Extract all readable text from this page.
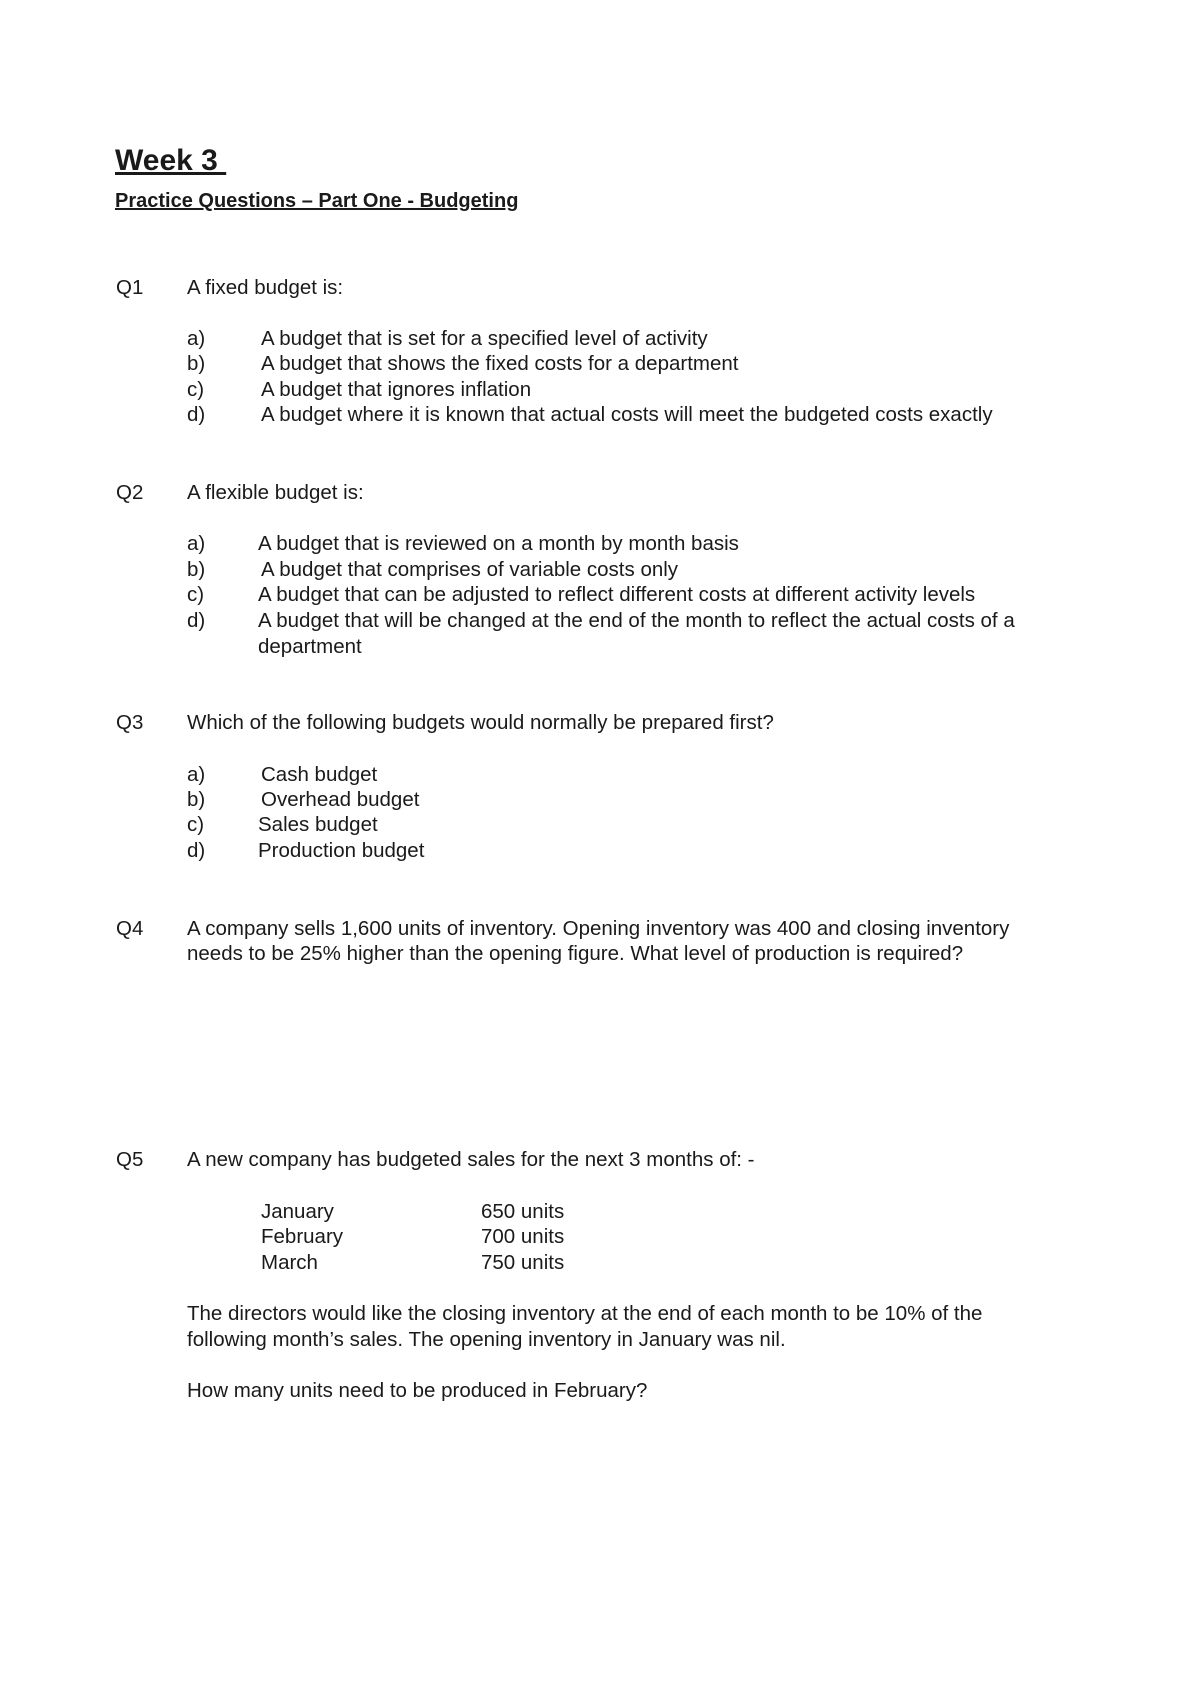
Week 3
Practice Questions – Part One - Budgeting
Q1 A fixed budget is:
a)	A budget that is set for a specified level of activity
b)	A budget that shows the fixed costs for a department
c)	A budget that ignores inflation
d)	A budget where it is known that actual costs will meet the budgeted costs exactly
Q2 A flexible budget is:
a)	A budget that is reviewed on a month by month basis
b)	A budget that comprises of variable costs only
c)	A budget that can be adjusted to reflect different costs at different activity levels
d)	A budget that will be changed at the end of the month to reflect the actual costs of a
department
Q3 Which of the following budgets would normally be prepared first?
a)	Cash budget
b)	Overhead budget
c)	Sales budget
d)	Production budget
Q4 A company sells 1,600 units of inventory. Opening inventory was 400 and closing inventory
needs to be 25% higher than the opening figure. What level of production is required?
Q5 A new company has budgeted sales for the next 3 months of: -
January	650 units
February	700 units
March	750 units
The directors would like the closing inventory at the end of each month to be 10% of the
following month’s sales. The opening inventory in January was nil.
How many units need to be produced in February?
